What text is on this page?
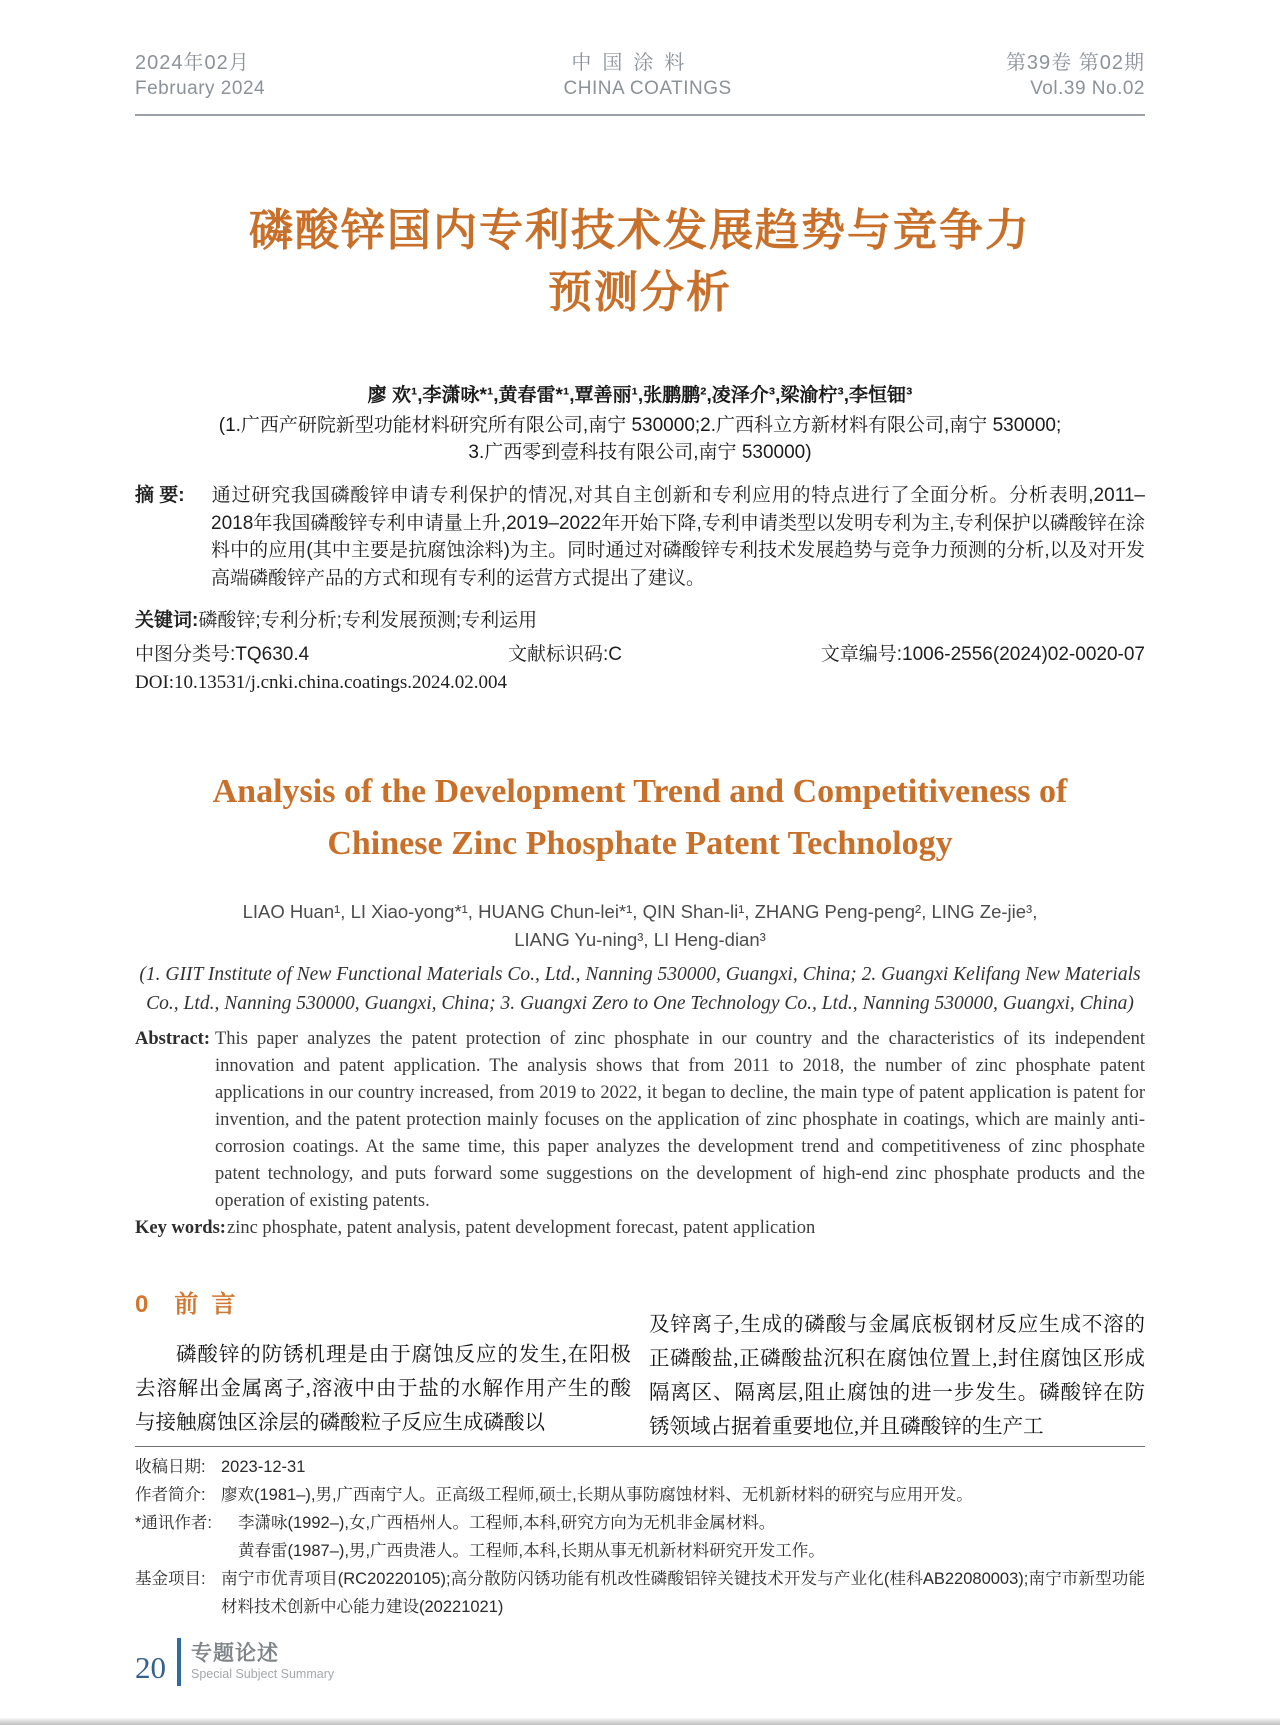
2024年02月	中国涂料	第39卷 第02期
February 2024	CHINA COATINGS	Vol.39 No.02
磷酸锌国内专利技术发展趋势与竞争力
预测分析
廖 欢¹,李潇咏*¹,黄春雷*¹,覃善丽¹,张鹏鹏²,凌泽介³,梁渝柠³,李恒钿³
(1.广西产研院新型功能材料研究所有限公司,南宁 530000;2.广西科立方新材料有限公司,南宁 530000;
3.广西零到壹科技有限公司,南宁 530000)
摘 要: 通过研究我国磷酸锌申请专利保护的情况,对其自主创新和专利应用的特点进行了全面分析。分析表明,2011–2018年我国磷酸锌专利申请量上升,2019–2022年开始下降,专利申请类型以发明专利为主,专利保护以磷酸锌在涂料中的应用(其中主要是抗腐蚀涂料)为主。同时通过对磷酸锌专利技术发展趋势与竞争力预测的分析,以及对开发高端磷酸锌产品的方式和现有专利的运营方式提出了建议。
关键词:磷酸锌;专利分析;专利发展预测;专利运用
中图分类号:TQ630.4	文献标识码:C	文章编号:1006-2556(2024)02-0020-07
DOI:10.13531/j.cnki.china.coatings.2024.02.004
Analysis of the Development Trend and Competitiveness of
Chinese Zinc Phosphate Patent Technology
LIAO Huan¹, LI Xiao-yong*¹, HUANG Chun-lei*¹, QIN Shan-li¹, ZHANG Peng-peng², LING Ze-jie³,
LIANG Yu-ning³, LI Heng-dian³
(1. GIIT Institute of New Functional Materials Co., Ltd., Nanning 530000, Guangxi, China; 2. Guangxi Kelifang New Materials
Co., Ltd., Nanning 530000, Guangxi, China; 3. Guangxi Zero to One Technology Co., Ltd., Nanning 530000, Guangxi, China)
Abstract: This paper analyzes the patent protection of zinc phosphate in our country and the characteristics of its independent innovation and patent application. The analysis shows that from 2011 to 2018, the number of zinc phosphate patent applications in our country increased, from 2019 to 2022, it began to decline, the main type of patent application is patent for invention, and the patent protection mainly focuses on the application of zinc phosphate in coatings, which are mainly anti-corrosion coatings. At the same time, this paper analyzes the development trend and competitiveness of zinc phosphate patent technology, and puts forward some suggestions on the development of high-end zinc phosphate products and the operation of existing patents.
Key words:zinc phosphate, patent analysis, patent development forecast, patent application
0 前言
磷酸锌的防锈机理是由于腐蚀反应的发生,在阳极去溶解出金属离子,溶液中由于盐的水解作用产生的酸与接触腐蚀区涂层的磷酸粒子反应生成磷酸以
及锌离子,生成的磷酸与金属底板钢材反应生成不溶的正磷酸盐,正磷酸盐沉积在腐蚀位置上,封住腐蚀区形成隔离区、隔离层,阻止腐蚀的进一步发生。磷酸锌在防锈领域占据着重要地位,并且磷酸锌的生产工
收稿日期: 2023-12-31
作者简介: 廖欢(1981–),男,广西南宁人。正高级工程师,硕士,长期从事防腐蚀材料、无机新材料的研究与应用开发。
*通讯作者: 李潇咏(1992–),女,广西梧州人。工程师,本科,研究方向为无机非金属材料。
黄春雷(1987–),男,广西贵港人。工程师,本科,长期从事无机新材料研究开发工作。
基金项目: 南宁市优青项目(RC20220105);高分散防闪锈功能有机改性磷酸铝锌关键技术开发与产业化(桂科AB22080003);南宁市新型功能材料技术创新中心能力建设(20221021)
20 专题论述
Special Subject Summary
